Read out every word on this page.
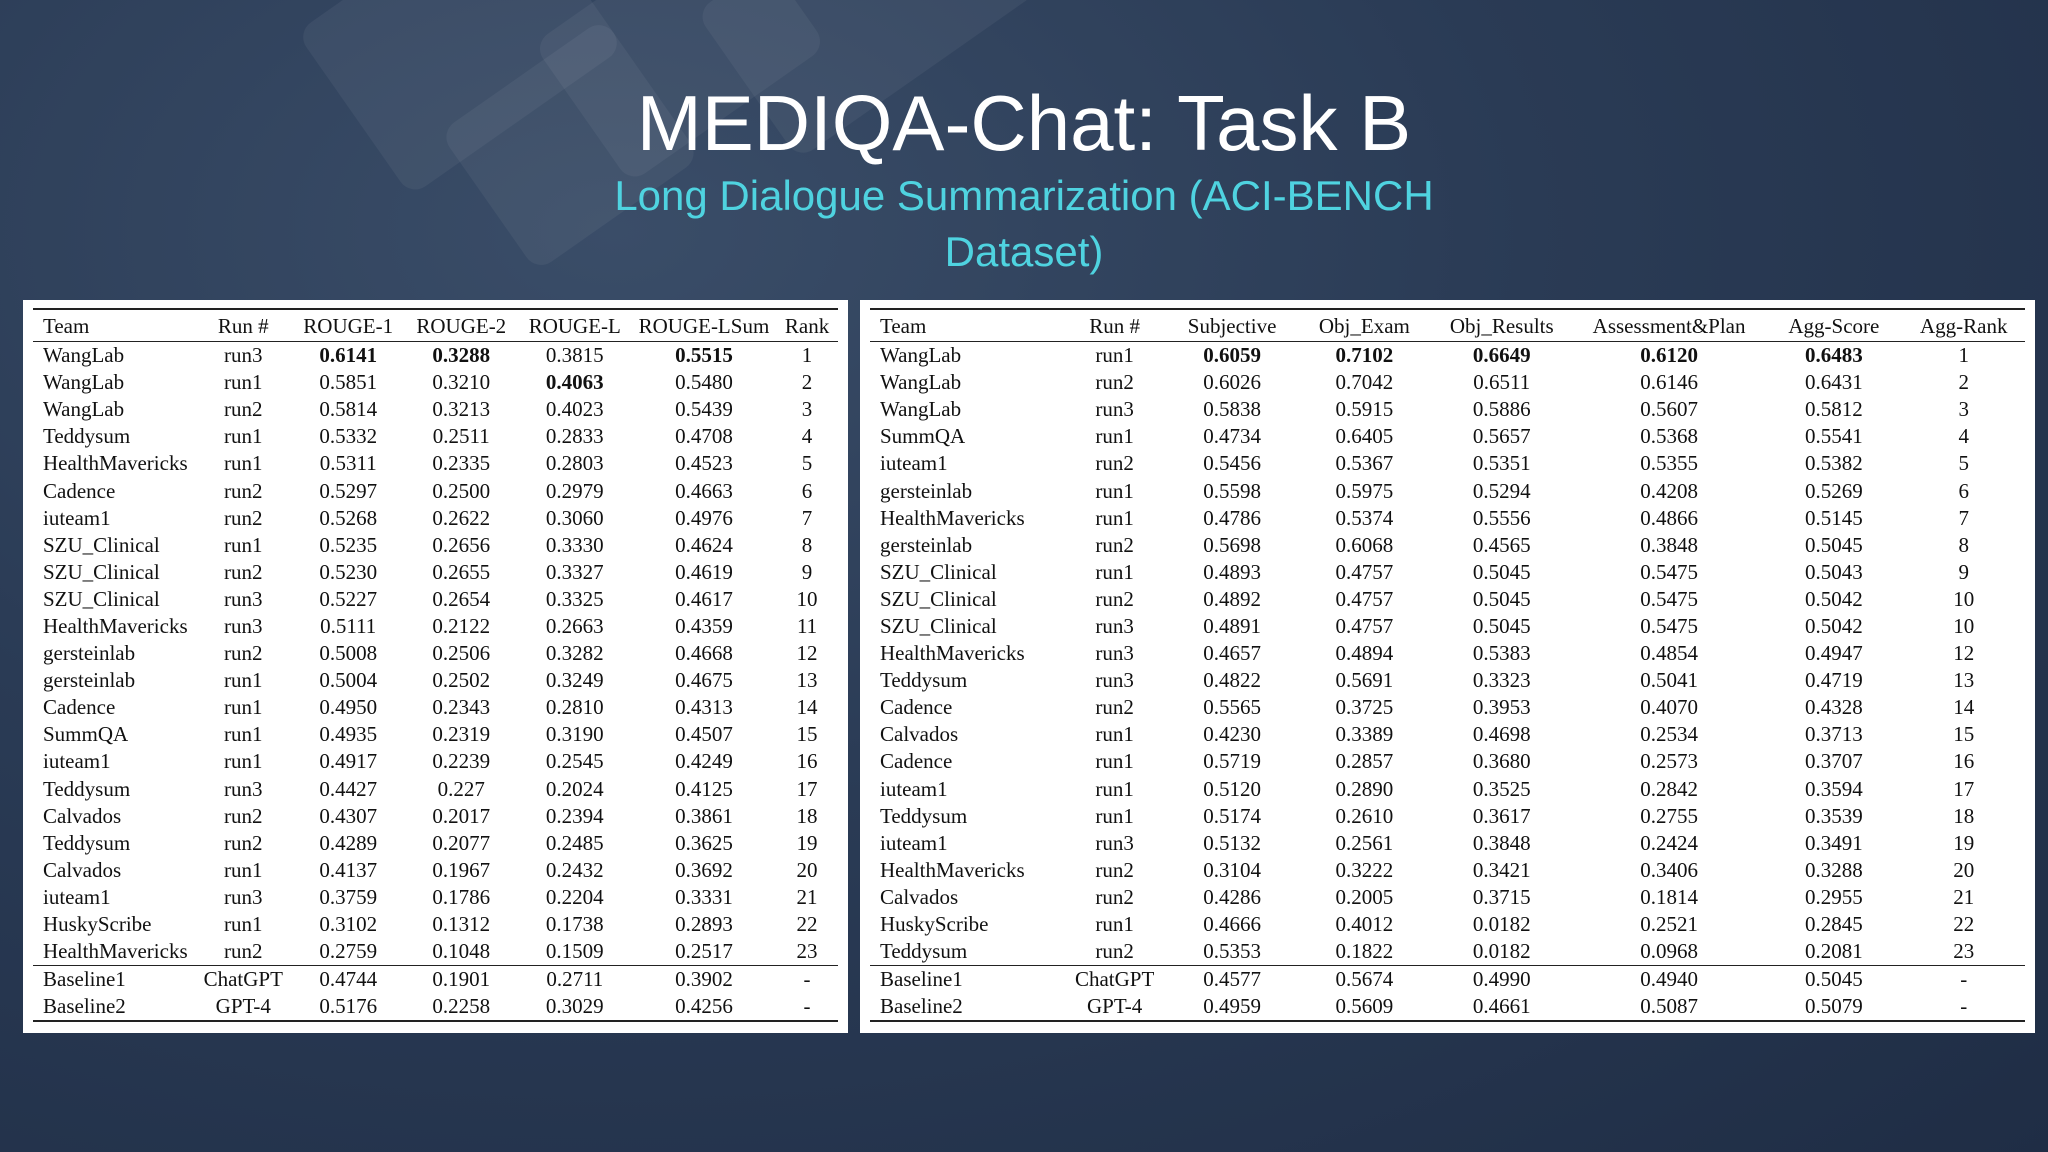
MEDIQA-Chat: Task B
Long Dialogue Summarization (ACI-BENCH
Dataset)
Team	Run #	ROUGE-1	ROUGE-2	ROUGE-L	ROUGE-LSum	Rank
WangLab	run3	0.6141	0.3288	0.3815	0.5515	1
WangLab	run1	0.5851	0.3210	0.4063	0.5480	2
WangLab	run2	0.5814	0.3213	0.4023	0.5439	3
Teddysum	run1	0.5332	0.2511	0.2833	0.4708	4
HealthMavericks	run1	0.5311	0.2335	0.2803	0.4523	5
Cadence	run2	0.5297	0.2500	0.2979	0.4663	6
iuteam1	run2	0.5268	0.2622	0.3060	0.4976	7
SZU_Clinical	run1	0.5235	0.2656	0.3330	0.4624	8
SZU_Clinical	run2	0.5230	0.2655	0.3327	0.4619	9
SZU_Clinical	run3	0.5227	0.2654	0.3325	0.4617	10
HealthMavericks	run3	0.5111	0.2122	0.2663	0.4359	11
gersteinlab	run2	0.5008	0.2506	0.3282	0.4668	12
gersteinlab	run1	0.5004	0.2502	0.3249	0.4675	13
Cadence	run1	0.4950	0.2343	0.2810	0.4313	14
SummQA	run1	0.4935	0.2319	0.3190	0.4507	15
iuteam1	run1	0.4917	0.2239	0.2545	0.4249	16
Teddysum	run3	0.4427	0.227	0.2024	0.4125	17
Calvados	run2	0.4307	0.2017	0.2394	0.3861	18
Teddysum	run2	0.4289	0.2077	0.2485	0.3625	19
Calvados	run1	0.4137	0.1967	0.2432	0.3692	20
iuteam1	run3	0.3759	0.1786	0.2204	0.3331	21
HuskyScribe	run1	0.3102	0.1312	0.1738	0.2893	22
HealthMavericks	run2	0.2759	0.1048	0.1509	0.2517	23
Baseline1	ChatGPT	0.4744	0.1901	0.2711	0.3902	-
Baseline2	GPT-4	0.5176	0.2258	0.3029	0.4256	-
Team	Run #	Subjective	Obj_Exam	Obj_Results	Assessment&Plan	Agg-Score	Agg-Rank
WangLab	run1	0.6059	0.7102	0.6649	0.6120	0.6483	1
WangLab	run2	0.6026	0.7042	0.6511	0.6146	0.6431	2
WangLab	run3	0.5838	0.5915	0.5886	0.5607	0.5812	3
SummQA	run1	0.4734	0.6405	0.5657	0.5368	0.5541	4
iuteam1	run2	0.5456	0.5367	0.5351	0.5355	0.5382	5
gersteinlab	run1	0.5598	0.5975	0.5294	0.4208	0.5269	6
HealthMavericks	run1	0.4786	0.5374	0.5556	0.4866	0.5145	7
gersteinlab	run2	0.5698	0.6068	0.4565	0.3848	0.5045	8
SZU_Clinical	run1	0.4893	0.4757	0.5045	0.5475	0.5043	9
SZU_Clinical	run2	0.4892	0.4757	0.5045	0.5475	0.5042	10
SZU_Clinical	run3	0.4891	0.4757	0.5045	0.5475	0.5042	10
HealthMavericks	run3	0.4657	0.4894	0.5383	0.4854	0.4947	12
Teddysum	run3	0.4822	0.5691	0.3323	0.5041	0.4719	13
Cadence	run2	0.5565	0.3725	0.3953	0.4070	0.4328	14
Calvados	run1	0.4230	0.3389	0.4698	0.2534	0.3713	15
Cadence	run1	0.5719	0.2857	0.3680	0.2573	0.3707	16
iuteam1	run1	0.5120	0.2890	0.3525	0.2842	0.3594	17
Teddysum	run1	0.5174	0.2610	0.3617	0.2755	0.3539	18
iuteam1	run3	0.5132	0.2561	0.3848	0.2424	0.3491	19
HealthMavericks	run2	0.3104	0.3222	0.3421	0.3406	0.3288	20
Calvados	run2	0.4286	0.2005	0.3715	0.1814	0.2955	21
HuskyScribe	run1	0.4666	0.4012	0.0182	0.2521	0.2845	22
Teddysum	run2	0.5353	0.1822	0.0182	0.0968	0.2081	23
Baseline1	ChatGPT	0.4577	0.5674	0.4990	0.4940	0.5045	-
Baseline2	GPT-4	0.4959	0.5609	0.4661	0.5087	0.5079	-
